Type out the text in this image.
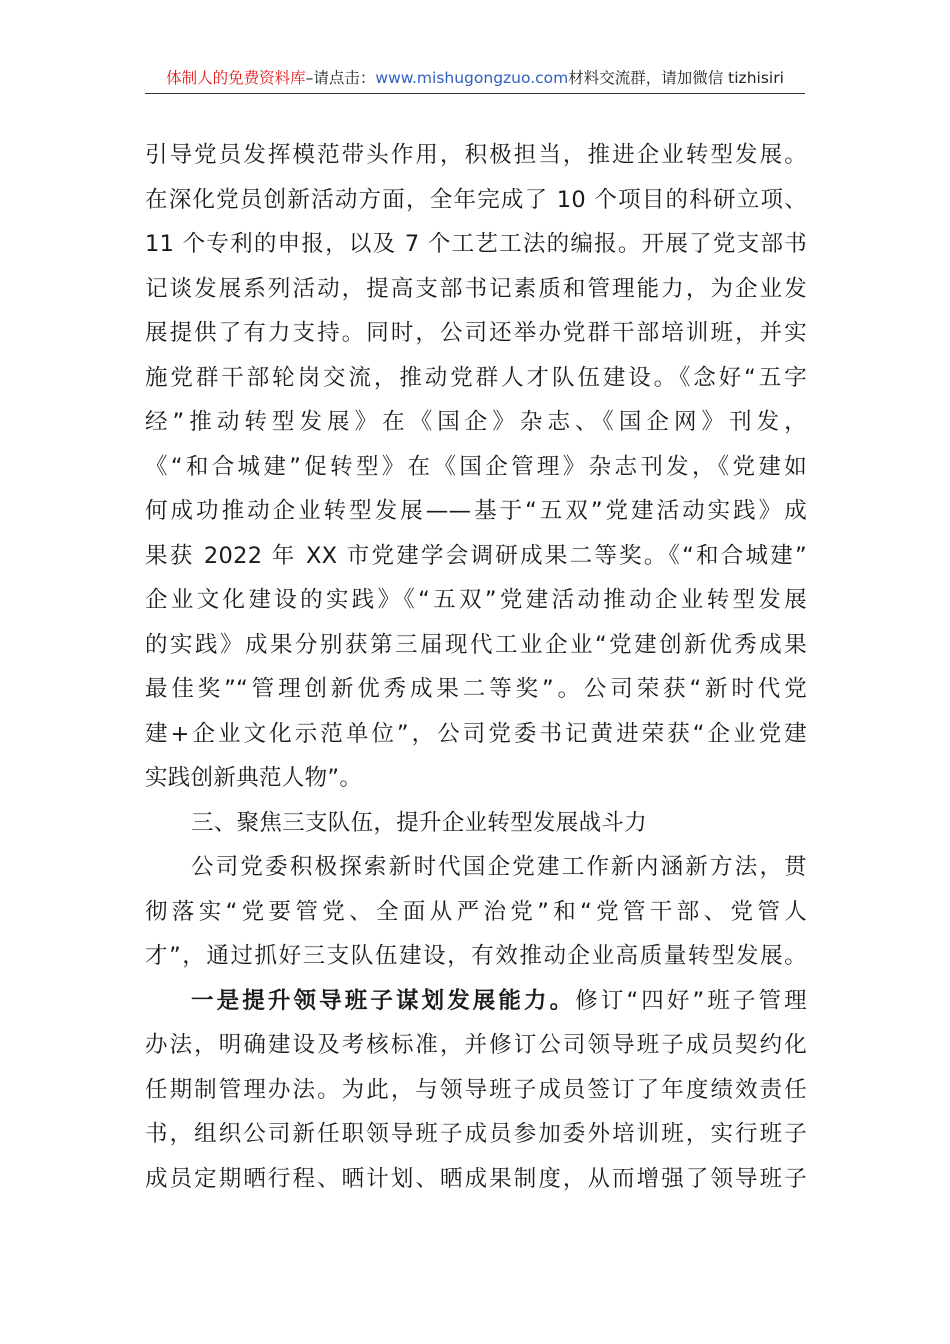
体制人的免费资料库–请点击：www.mishugongzuo.com材料交流群，请加微信 tizhisiri
引导党员发挥模范带头作用，积极担当，推进企业转型发展。
在深化党员创新活动方面，全年完成了 10 个项目的科研立项、
11 个专利的申报，以及 7 个工艺工法的编报。开展了党支部书
记谈发展系列活动，提高支部书记素质和管理能力，为企业发
展提供了有力支持。同时，公司还举办党群干部培训班，并实
施党群干部轮岗交流，推动党群人才队伍建设。《念好“五字
经”推动转型发展》在《国企》杂志、《国企网》刊发，
《“和合城建”促转型》在《国企管理》杂志刊发，《党建如
何成功推动企业转型发展——基于“五双”党建活动实践》成
果获 2022 年 XX 市党建学会调研成果二等奖。《“和合城建”
企业文化建设的实践》《“五双”党建活动推动企业转型发展
的实践》成果分别获第三届现代工业企业“党建创新优秀成果
最佳奖”“管理创新优秀成果二等奖”。公司荣获“新时代党
建+企业文化示范单位”，公司党委书记黄进荣获“企业党建
实践创新典范人物”。
三、聚焦三支队伍，提升企业转型发展战斗力
公司党委积极探索新时代国企党建工作新内涵新方法，贯
彻落实“党要管党、全面从严治党”和“党管干部、党管人
才”，通过抓好三支队伍建设，有效推动企业高质量转型发展。
一是提升领导班子谋划发展能力。修订“四好”班子管理
办法，明确建设及考核标准，并修订公司领导班子成员契约化
任期制管理办法。为此，与领导班子成员签订了年度绩效责任
书，组织公司新任职领导班子成员参加委外培训班，实行班子
成员定期晒行程、晒计划、晒成果制度，从而增强了领导班子
